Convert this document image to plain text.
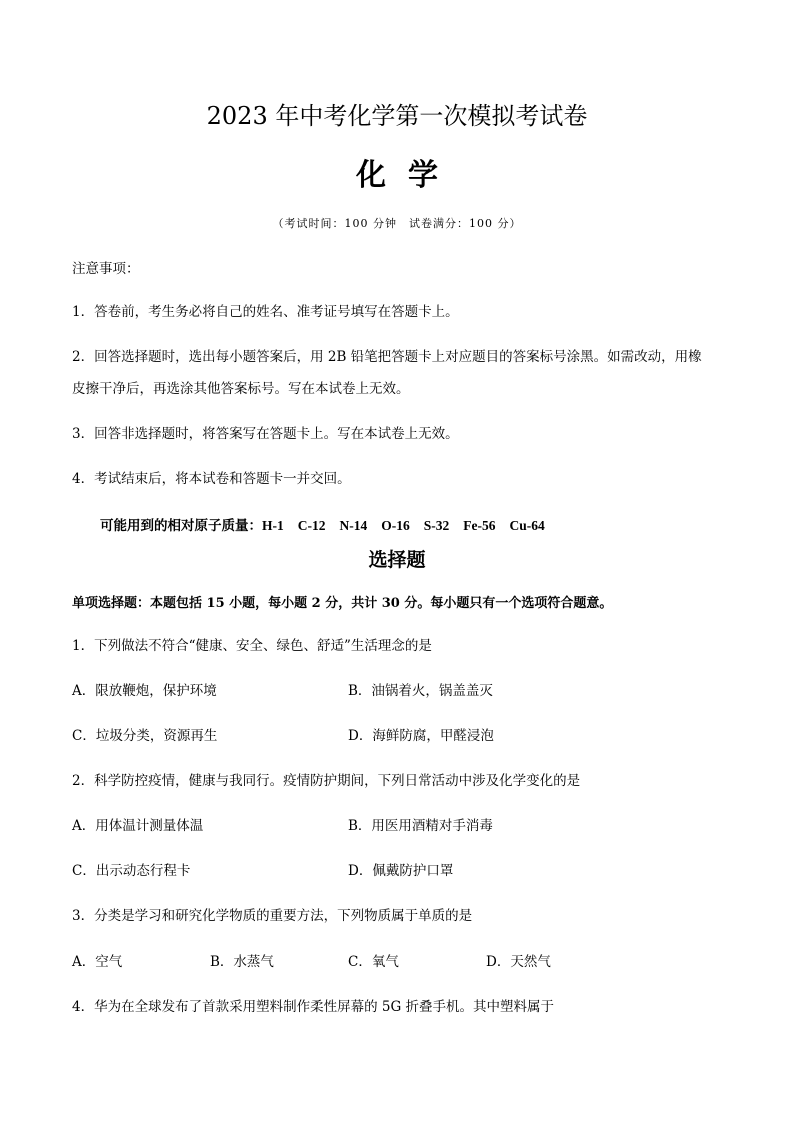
2023 年中考化学第一次模拟考试卷
化学
（考试时间：100 分钟　试卷满分：100 分）
注意事项：
1．答卷前，考生务必将自己的姓名、准考证号填写在答题卡上。
2．回答选择题时，选出每小题答案后，用 2B 铅笔把答题卡上对应题目的答案标号涂黑。如需改动，用橡
皮擦干净后，再选涂其他答案标号。写在本试卷上无效。
3．回答非选择题时，将答案写在答题卡上。写在本试卷上无效。
4．考试结束后，将本试卷和答题卡一并交回。
可能用到的相对原子质量：H-1 C-12 N-14 O-16 S-32 Fe-56 Cu-64
选择题
单项选择题：本题包括 15 小题，每小题 2 分，共计 30 分。每小题只有一个选项符合题意。
1．下列做法不符合“健康、安全、绿色、舒适”生活理念的是
A．限放鞭炮，保护环境	B．油锅着火，锅盖盖灭
C．垃圾分类，资源再生	D．海鲜防腐，甲醛浸泡
2．科学防控疫情，健康与我同行。疫情防护期间，下列日常活动中涉及化学变化的是
A．用体温计测量体温	B．用医用酒精对手消毒
C．出示动态行程卡	D．佩戴防护口罩
3．分类是学习和研究化学物质的重要方法，下列物质属于单质的是
A．空气	B．水蒸气	C．氧气	D．天然气
4．华为在全球发布了首款采用塑料制作柔性屏幕的 5G 折叠手机。其中塑料属于
